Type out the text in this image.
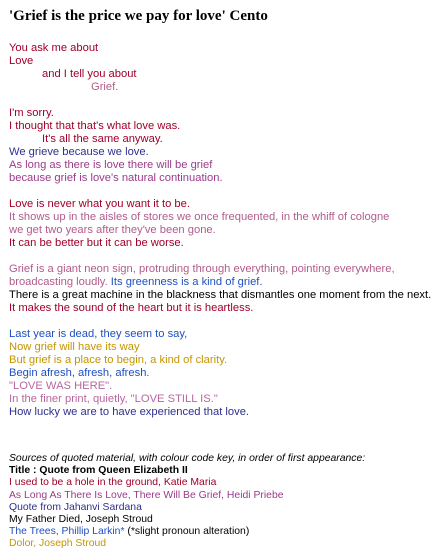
'Grief is the price we pay for love' Cento
You ask me about
Love
and I tell you about
Grief.
I'm sorry.
I thought that that's what love was.
It's all the same anyway.
We grieve because we love.
As long as there is love there will be grief
because grief is love's natural continuation.
Love is never what you want it to be.
It shows up in the aisles of stores we once frequented, in the whiff of cologne
we get two years after they've been gone.
It can be better but it can be worse.
Grief is a giant neon sign, protruding through everything, pointing everywhere,
broadcasting loudly. Its greenness is a kind of grief.
There is a great machine in the blackness that dismantles one moment from the next.
It makes the sound of the heart but it is heartless.
Last year is dead, they seem to say,
Now grief will have its way
But grief is a place to begin, a kind of clarity.
Begin afresh, afresh, afresh.
"LOVE WAS HERE".
In the finer print, quietly, "LOVE STILL IS."
How lucky we are to have experienced that love.
Sources of quoted material, with colour code key, in order of first appearance:
Title : Quote from Queen Elizabeth II
I used to be a hole in the ground, Katie Maria
As Long As There Is Love, There Will Be Grief, Heidi Priebe
Quote from Jahanvi Sardana
My Father Died, Joseph Stroud
The Trees, Phillip Larkin* (*slight pronoun alteration)
Dolor, Joseph Stroud
